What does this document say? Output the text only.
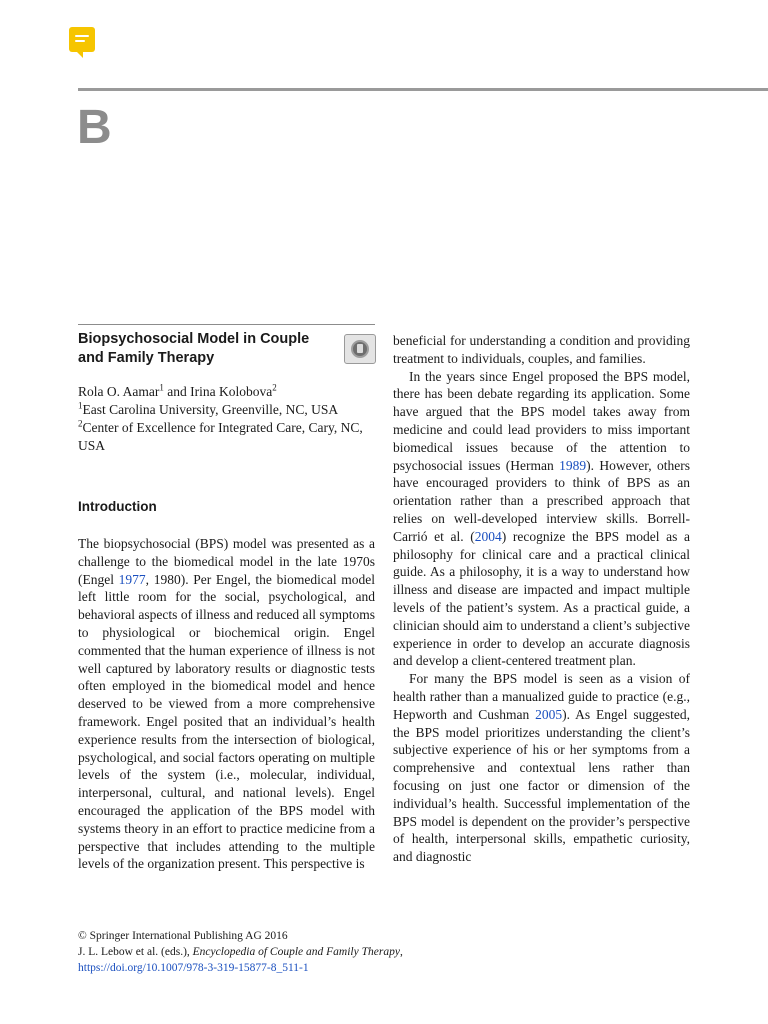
B
Biopsychosocial Model in Couple and Family Therapy

Rola O. Aamar$^1$ and Irina Kolobova$^2$

$^1$East Carolina University, Greenville, NC, USA

$^2$Center of Excellence for Integrated Care, Cary, NC, USA

Introduction

The biopsychosocial (BPS) model was presented as a challenge to the biomedical model in the late 1970s (Engel 1977, 1980). Per Engel, the biomedical model left little room for the social, psychological, and behavioral aspects of illness and reduced all symptoms to physiological or biochemical origin. Engel commented that the human experience of illness is not well captured by laboratory results or diagnostic tests often employed in the biomedical model and hence deserved to be viewed from a more comprehensive framework. Engel posited that an individual’s health experience results from the intersection of biological, psychological, and social factors operating on multiple levels of the system (i.e., molecular, individual, interpersonal, cultural, and national levels). Engel encouraged the application of the BPS model with systems theory in an effort to practice medicine from a perspective that includes attending to the multiple levels of the organization present. This perspective is

beneficial for understanding a condition and providing treatment to individuals, couples, and families.

In the years since Engel proposed the BPS model, there has been debate regarding its application. Some have argued that the BPS model takes away from medicine and could lead providers to miss important biomedical issues because of the attention to psychosocial issues (Herman 1989). However, others have encouraged providers to think of BPS as an orientation rather than a prescribed approach that relies on well-developed interview skills. Borrell-Carrió et al. (2004) recognize the BPS model as a philosophy for clinical care and a practical clinical guide. As a philosophy, it is a way to understand how illness and disease are impacted and impact multiple levels of the patient’s system. As a practical guide, a clinician should aim to understand a client’s subjective experience in order to develop an accurate diagnosis and develop a client-centered treatment plan.

For many the BPS model is seen as a vision of health rather than a manualized guide to practice (e.g., Hepworth and Cushman 2005). As Engel suggested, the BPS model prioritizes understanding the client’s subjective experience of his or her symptoms from a comprehensive and contextual lens rather than focusing on just one factor or dimension of the individual’s health. Successful implementation of the BPS model is dependent on the provider’s perspective of health, interpersonal skills, empathetic curiosity, and diagnostic

© Springer International Publishing AG 2016

J. L. Lebow et al. (eds.), Encyclopedia of Couple and Family Therapy,

https://doi.org/10.1007/978-3-319-15877-8_511-1
